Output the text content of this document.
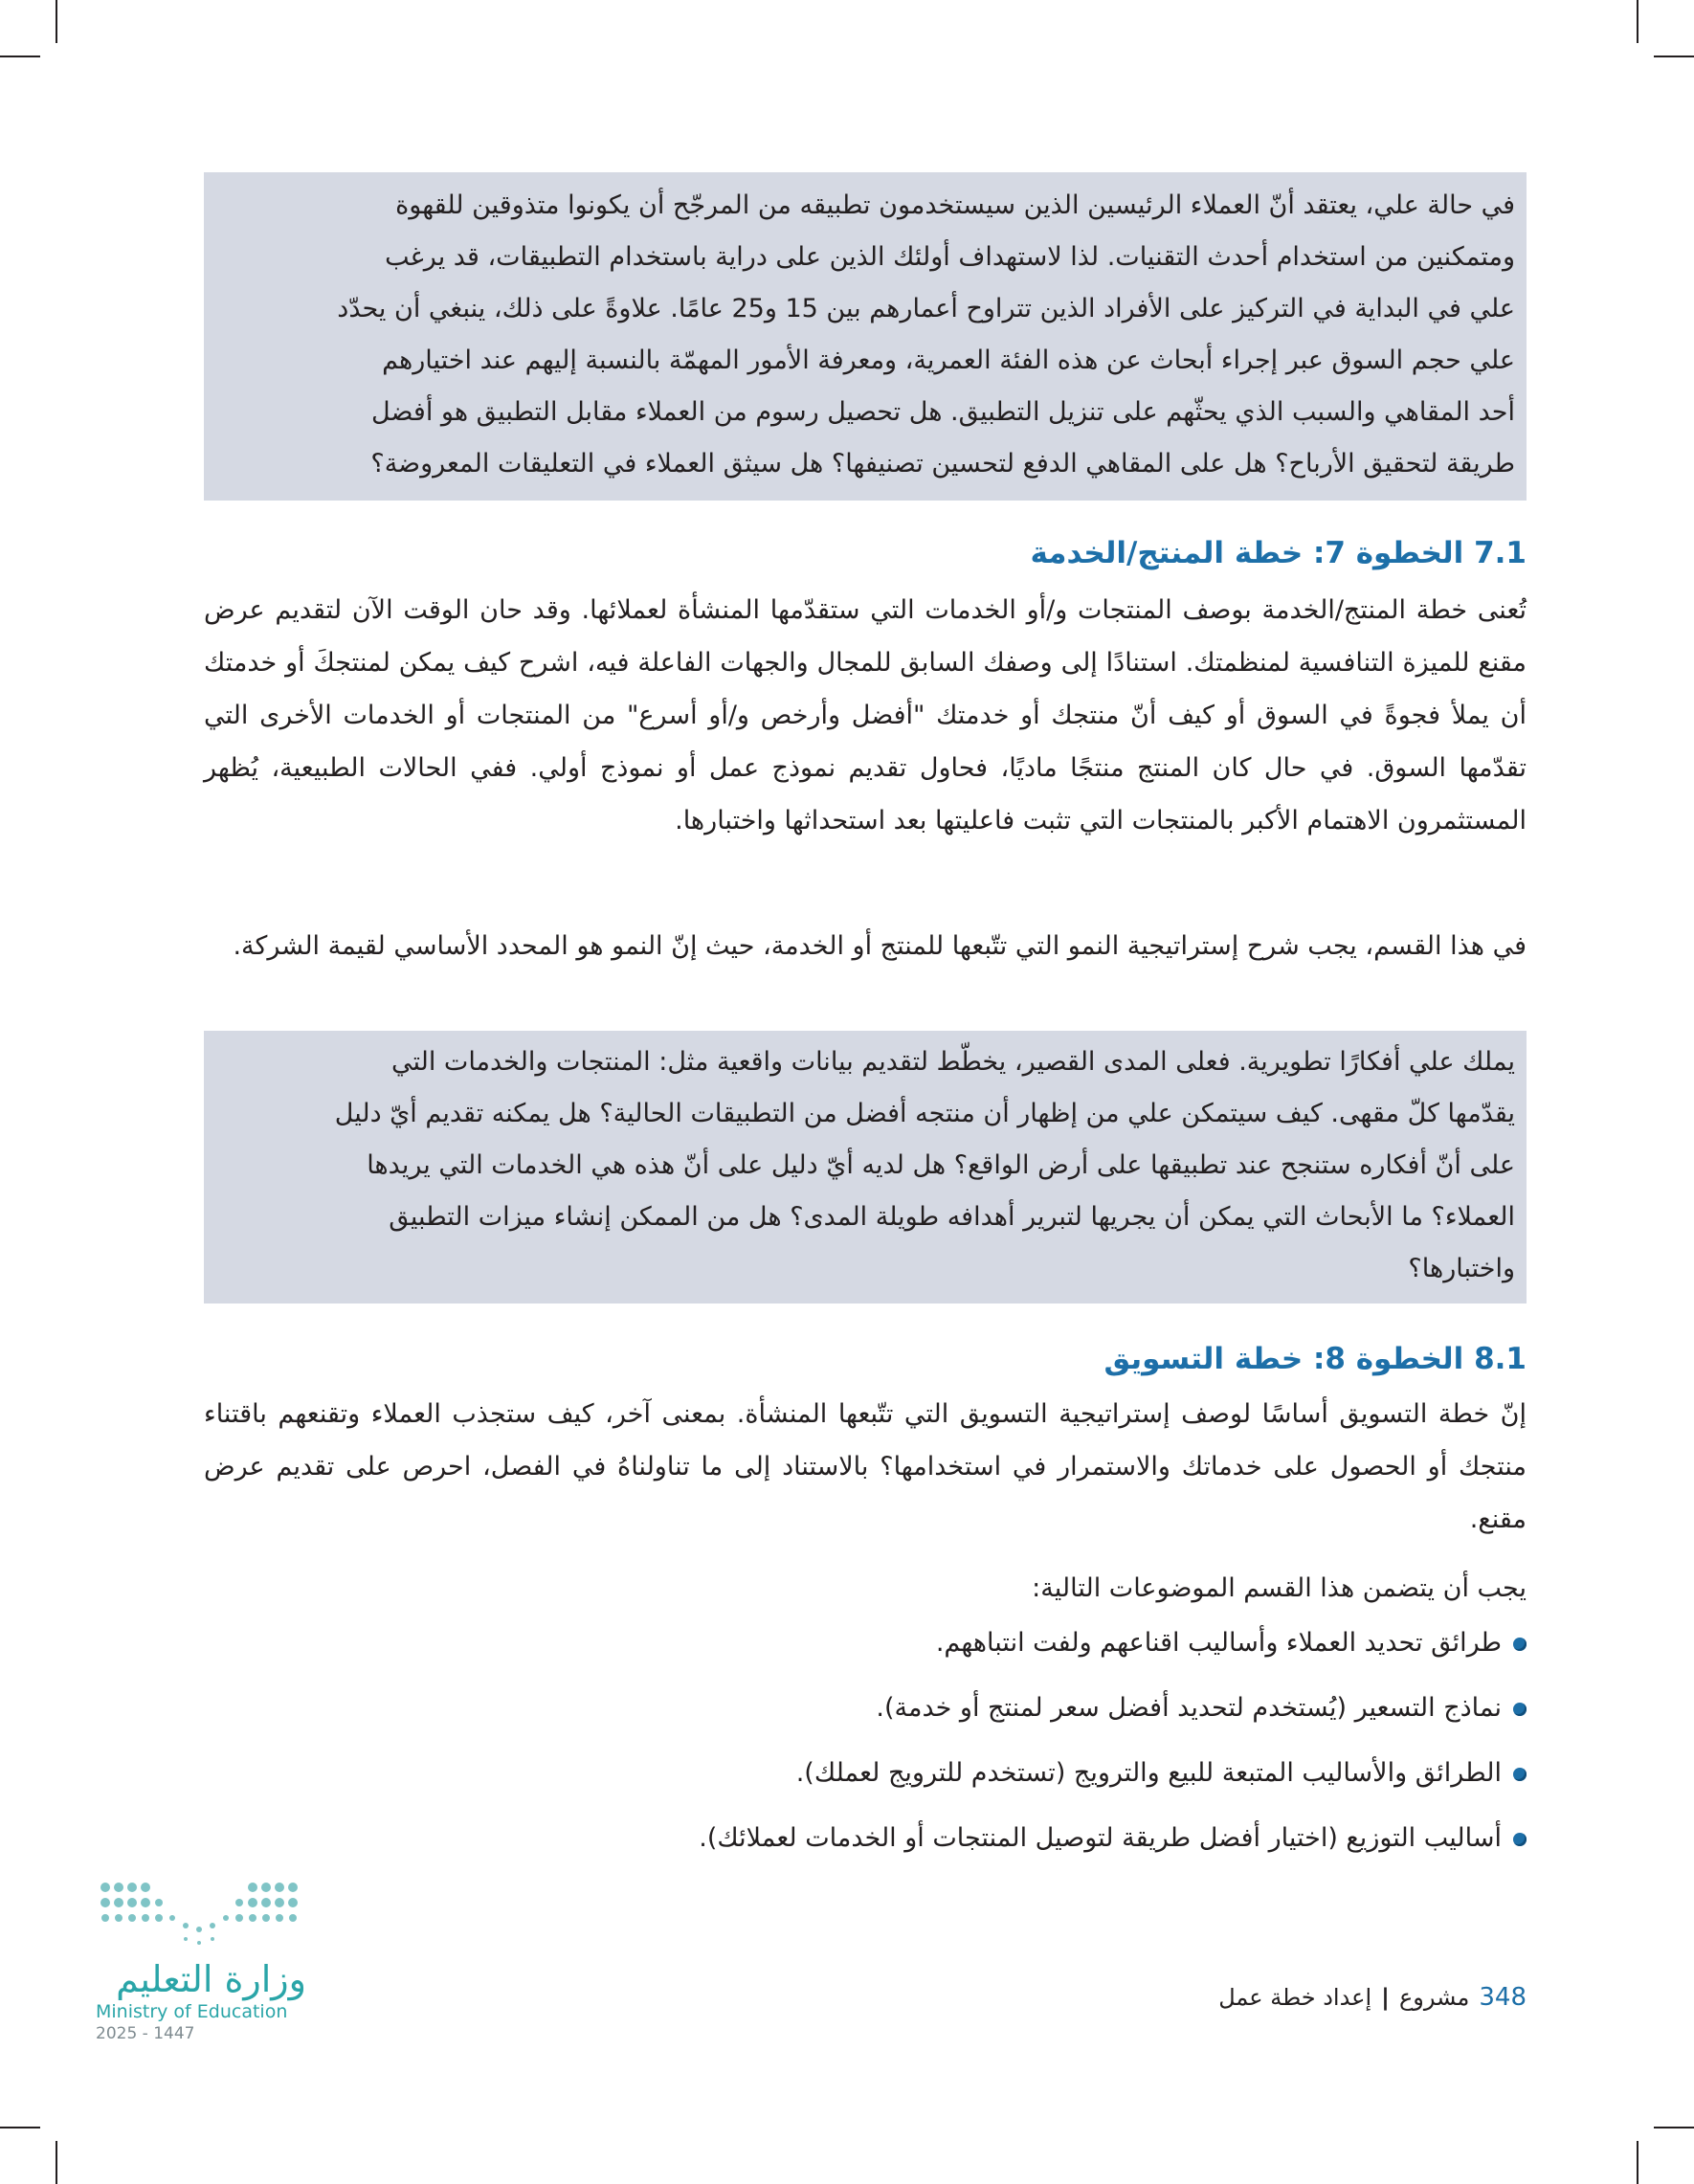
في حالة علي، يعتقد أنّ العملاء الرئيسين الذين سيستخدمون تطبيقه من المرجّح أن يكونوا متذوقين للقهوة

ومتمكنين من استخدام أحدث التقنيات. لذا لاستهداف أولئك الذين على دراية باستخدام التطبيقات، قد يرغب

علي في البداية في التركيز على الأفراد الذين تتراوح أعمارهم بين 15 و25 عامًا. علاوةً على ذلك، ينبغي أن يحدّد

علي حجم السوق عبر إجراء أبحاث عن هذه الفئة العمرية، ومعرفة الأمور المهمّة بالنسبة إليهم عند اختيارهم

أحد المقاهي والسبب الذي يحثّهم على تنزيل التطبيق. هل تحصيل رسوم من العملاء مقابل التطبيق هو أفضل

طريقة لتحقيق الأرباح؟ هل على المقاهي الدفع لتحسين تصنيفها؟ هل سيثق العملاء في التعليقات المعروضة؟

7.1 الخطوة 7: خطة المنتج/الخدمة

تُعنى خطة المنتج/الخدمة بوصف المنتجات و/أو الخدمات التي ستقدّمها المنشأة لعملائها. وقد حان الوقت الآن لتقديم عرض مقنع للميزة التنافسية لمنظمتك. استنادًا إلى وصفك السابق للمجال والجهات الفاعلة فيه، اشرح كيف يمكن لمنتجكَ أو خدمتك أن يملأ فجوةً في السوق أو كيف أنّ منتجك أو خدمتك "أفضل وأرخص و/أو أسرع" من المنتجات أو الخدمات الأخرى التي تقدّمها السوق. في حال كان المنتج منتجًا ماديًا، فحاول تقديم نموذج عمل أو نموذج أولي. ففي الحالات الطبيعية، يُظهر المستثمرون الاهتمام الأكبر بالمنتجات التي تثبت فاعليتها بعد استحداثها واختبارها.

في هذا القسم، يجب شرح إستراتيجية النمو التي تتّبعها للمنتج أو الخدمة، حيث إنّ النمو هو المحدد الأساسي لقيمة الشركة.

يملك علي أفكارًا تطويرية. فعلى المدى القصير، يخطّط لتقديم بيانات واقعية مثل: المنتجات والخدمات التي

يقدّمها كلّ مقهى. كيف سيتمكن علي من إظهار أن منتجه أفضل من التطبيقات الحالية؟ هل يمكنه تقديم أيّ دليل

على أنّ أفكاره ستنجح عند تطبيقها على أرض الواقع؟ هل لديه أيّ دليل على أنّ هذه هي الخدمات التي يريدها

العملاء؟ ما الأبحاث التي يمكن أن يجريها لتبرير أهدافه طويلة المدى؟ هل من الممكن إنشاء ميزات التطبيق

واختبارها؟

8.1 الخطوة 8: خطة التسويق

إنّ خطة التسويق أساسًا لوصف إستراتيجية التسويق التي تتّبعها المنشأة. بمعنى آخر، كيف ستجذب العملاء وتقنعهم باقتناء منتجك أو الحصول على خدماتك والاستمرار في استخدامها؟ بالاستناد إلى ما تناولناهُ في الفصل، احرص على تقديم عرض مقنع.

يجب أن يتضمن هذا القسم الموضوعات التالية:

طرائق تحديد العملاء وأساليب اقناعهم ولفت انتباههم.
نماذج التسعير (يُستخدم لتحديد أفضل سعر لمنتج أو خدمة).
الطرائق والأساليب المتبعة للبيع والترويج (تستخدم للترويج لعملك).
أساليب التوزيع (اختيار أفضل طريقة لتوصيل المنتجات أو الخدمات لعملائك).
348
مشروع
|
إعداد خطة عمل
وزارة التعليم
Ministry of Education
2025 - 1447
